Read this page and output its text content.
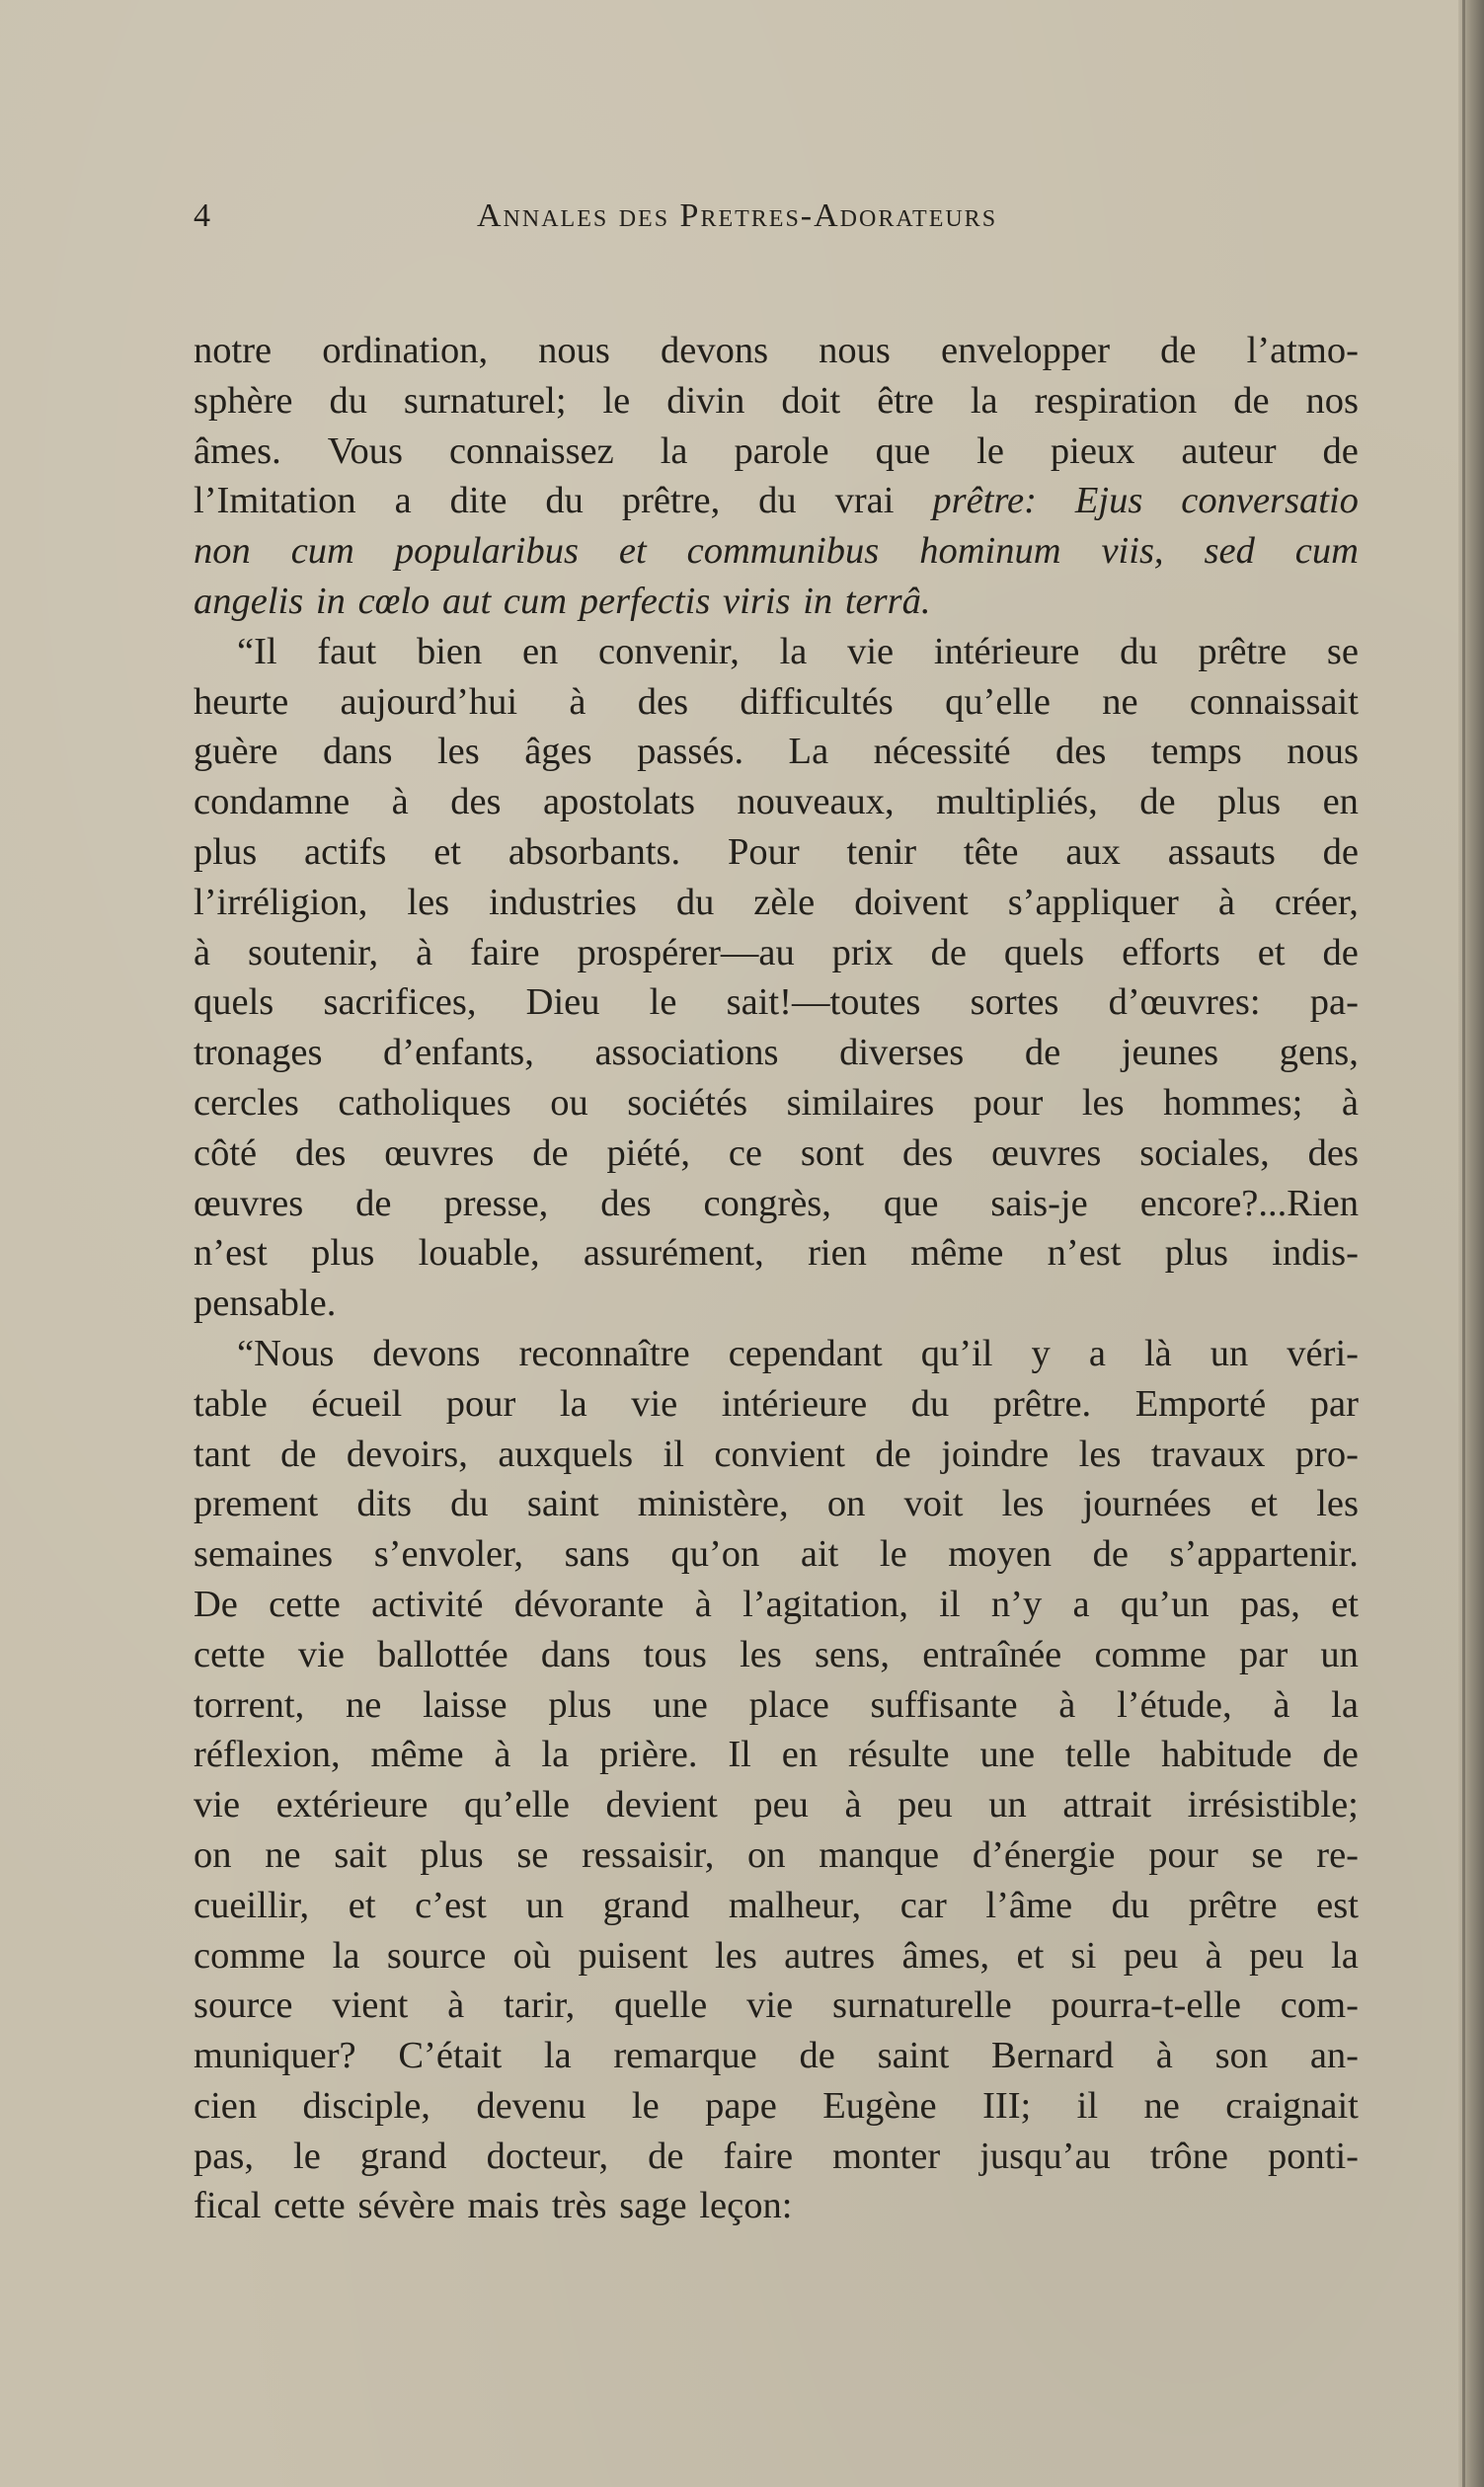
4	Annales des Pretres-Adorateurs
notre ordination, nous devons nous envelopper de l’atmo-
sphère du surnaturel; le divin doit être la respiration de nos
âmes. Vous connaissez la parole que le pieux auteur de
l’Imitation a dite du prêtre, du vrai prêtre: Ejus conversatio
non cum popularibus et communibus hominum viis, sed cum
angelis in cœlo aut cum perfectis viris in terrâ.
“Il faut bien en convenir, la vie intérieure du prêtre se
heurte aujourd’hui à des difficultés qu’elle ne connaissait
guère dans les âges passés. La nécessité des temps nous
condamne à des apostolats nouveaux, multipliés, de plus en
plus actifs et absorbants. Pour tenir tête aux assauts de
l’irréligion, les industries du zèle doivent s’appliquer à créer,
à soutenir, à faire prospérer—au prix de quels efforts et de
quels sacrifices, Dieu le sait!—toutes sortes d’œuvres: pa-
tronages d’enfants, associations diverses de jeunes gens,
cercles catholiques ou sociétés similaires pour les hommes; à
côté des œuvres de piété, ce sont des œuvres sociales, des
œuvres de presse, des congrès, que sais-je encore?...Rien
n’est plus louable, assurément, rien même n’est plus indis-
pensable.
“Nous devons reconnaître cependant qu’il y a là un véri-
table écueil pour la vie intérieure du prêtre. Emporté par
tant de devoirs, auxquels il convient de joindre les travaux pro-
prement dits du saint ministère, on voit les journées et les
semaines s’envoler, sans qu’on ait le moyen de s’appartenir.
De cette activité dévorante à l’agitation, il n’y a qu’un pas, et
cette vie ballottée dans tous les sens, entraînée comme par un
torrent, ne laisse plus une place suffisante à l’étude, à la
réflexion, même à la prière. Il en résulte une telle habitude de
vie extérieure qu’elle devient peu à peu un attrait irrésistible;
on ne sait plus se ressaisir, on manque d’énergie pour se re-
cueillir, et c’est un grand malheur, car l’âme du prêtre est
comme la source où puisent les autres âmes, et si peu à peu la
source vient à tarir, quelle vie surnaturelle pourra-t-elle com-
muniquer? C’était la remarque de saint Bernard à son an-
cien disciple, devenu le pape Eugène III; il ne craignait
pas, le grand docteur, de faire monter jusqu’au trône ponti-
fical cette sévère mais très sage leçon:
